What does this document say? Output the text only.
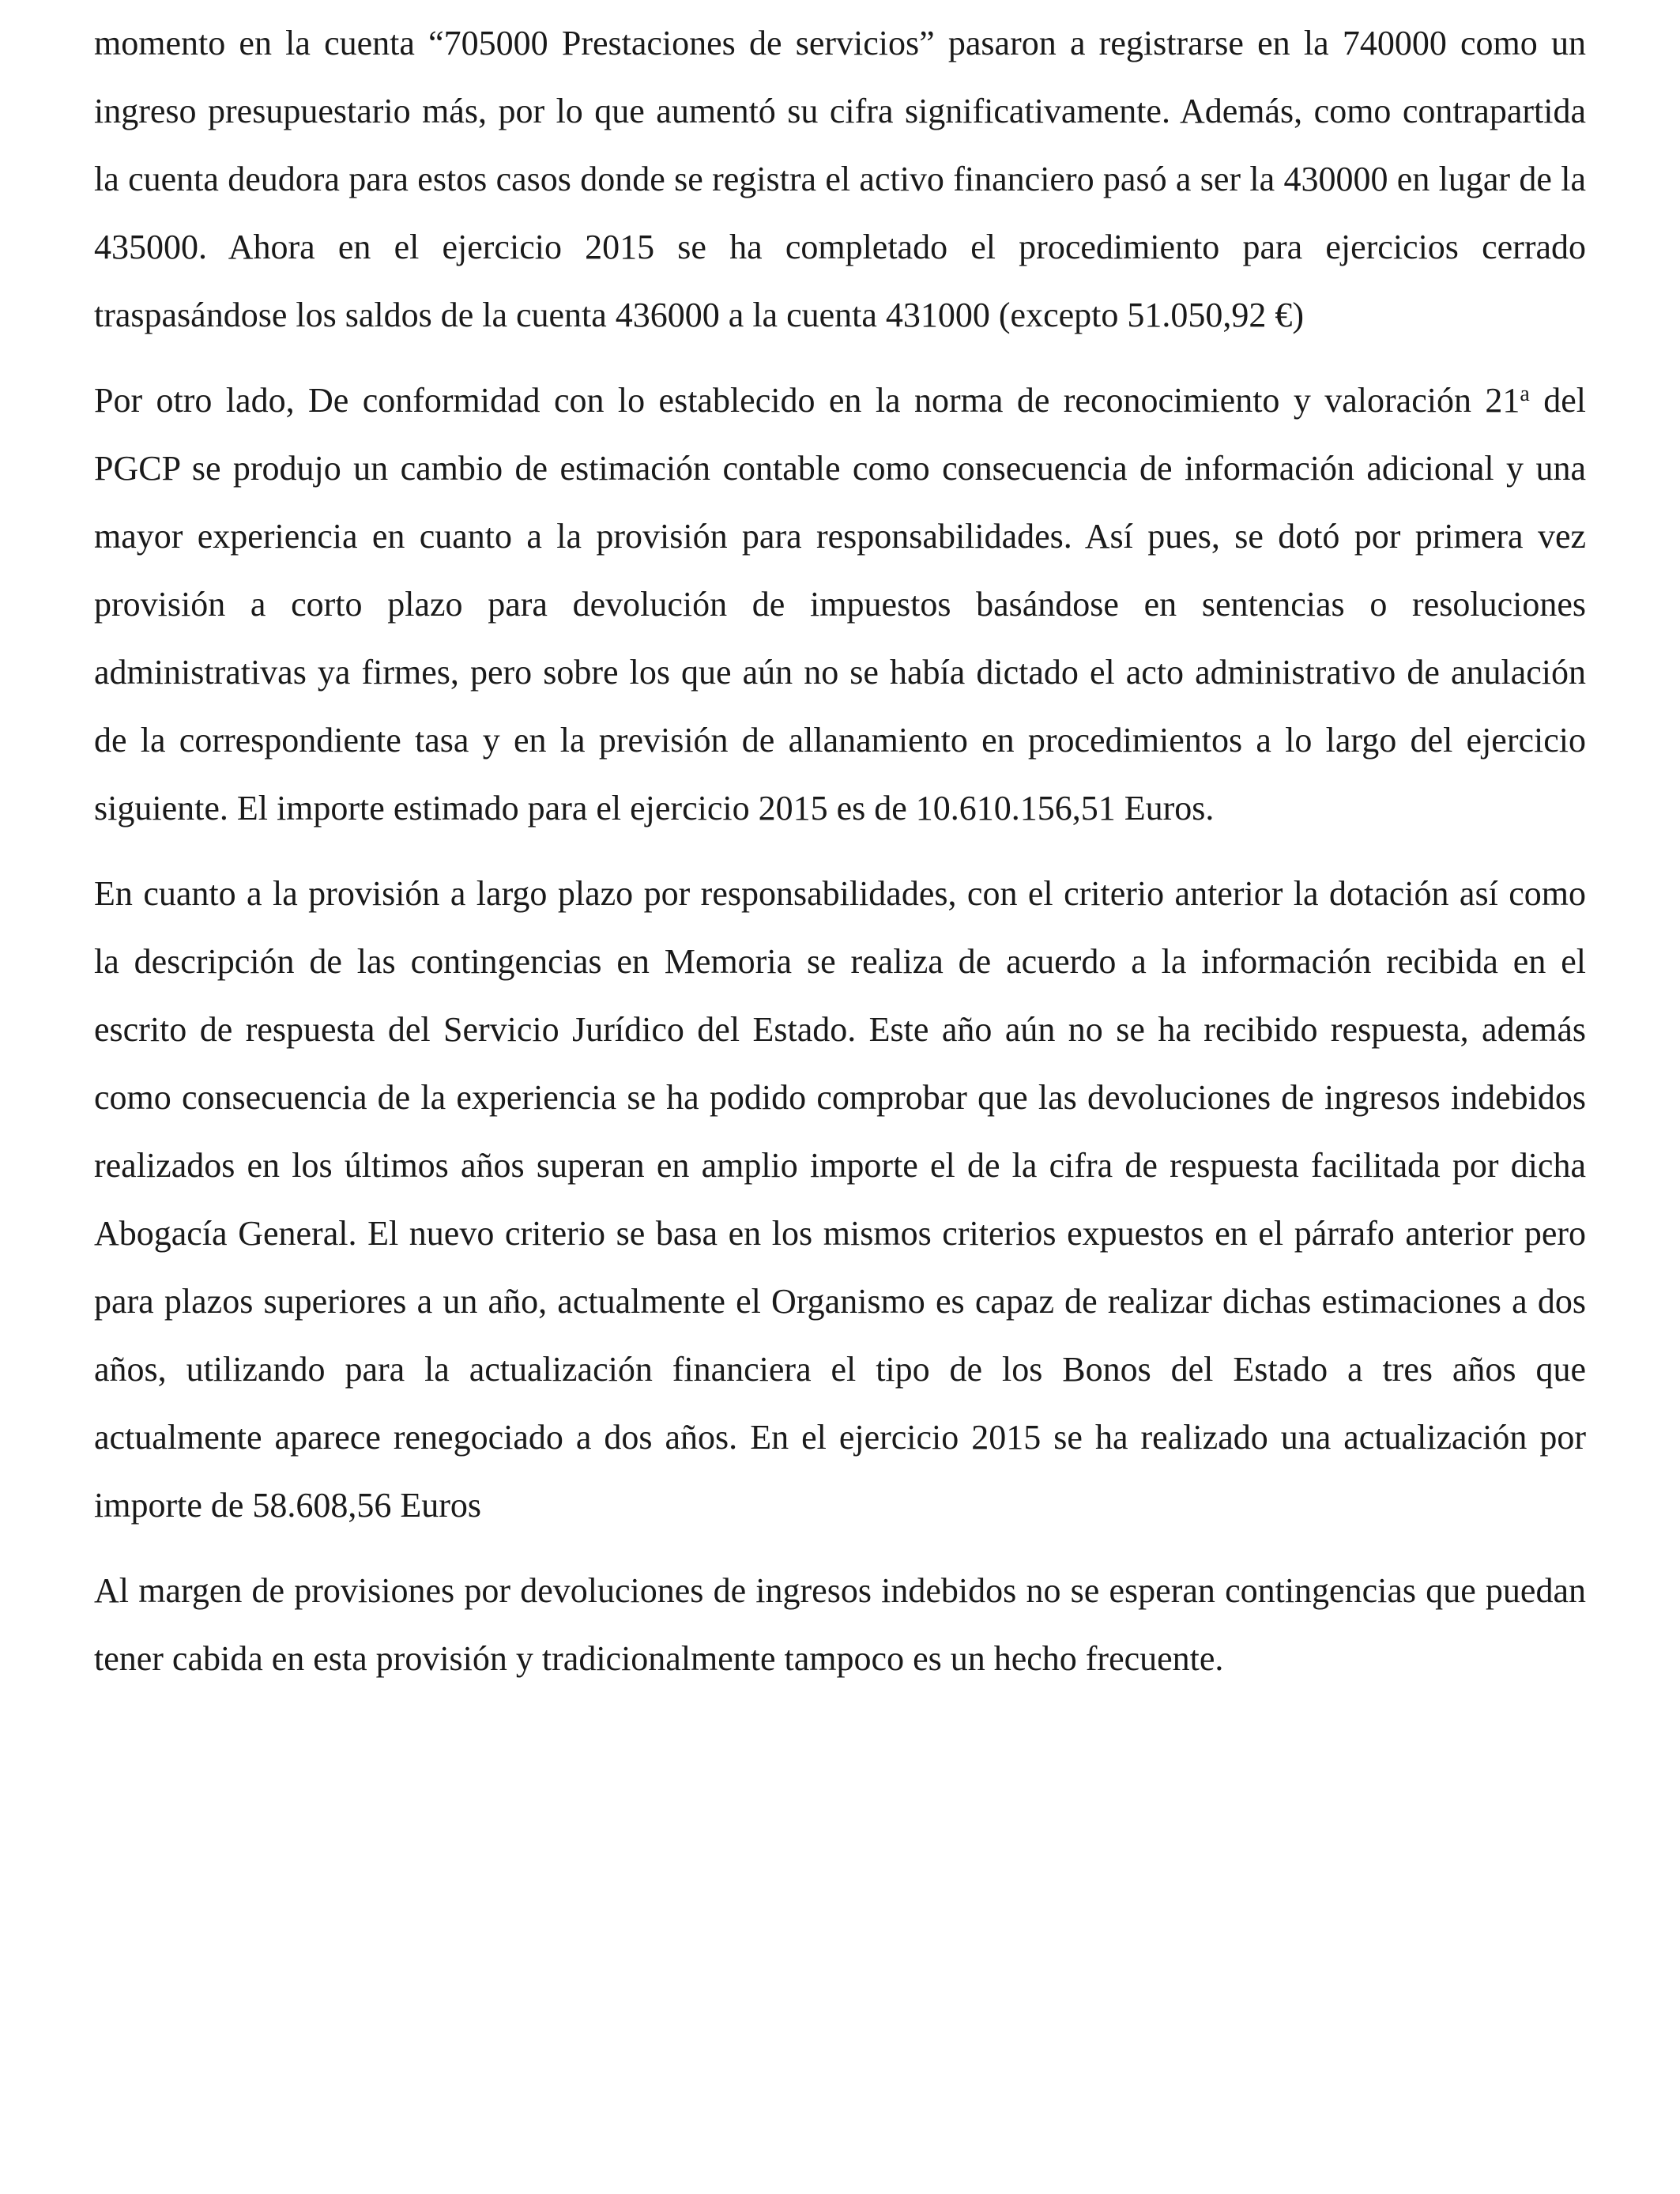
momento en la cuenta “705000 Prestaciones de servicios” pasaron a registrarse en la 740000 como un ingreso presupuestario más, por lo que aumentó su cifra significativamente. Además, como contrapartida la cuenta deudora para estos casos donde se registra el activo financiero pasó a ser la 430000 en lugar de la 435000. Ahora en el ejercicio 2015 se ha completado el procedimiento para ejercicios cerrado traspasándose los saldos de la cuenta 436000 a la cuenta 431000 (excepto 51.050,92 €)

Por otro lado, De conformidad con lo establecido en la norma de reconocimiento y valoración 21$^a$ del PGCP se produjo un cambio de estimación contable como consecuencia de información adicional y una mayor experiencia en cuanto a la provisión para responsabilidades. Así pues, se dotó por primera vez provisión a corto plazo para devolución de impuestos basándose en sentencias o resoluciones administrativas ya firmes, pero sobre los que aún no se había dictado el acto administrativo de anulación de la correspondiente tasa y en la previsión de allanamiento en procedimientos a lo largo del ejercicio siguiente. El importe estimado para el ejercicio 2015 es de 10.610.156,51 Euros.

En cuanto a la provisión a largo plazo por responsabilidades, con el criterio anterior la dotación así como la descripción de las contingencias en Memoria se realiza de acuerdo a la información recibida en el escrito de respuesta del Servicio Jurídico del Estado. Este año aún no se ha recibido respuesta, además como consecuencia de la experiencia se ha podido comprobar que las devoluciones de ingresos indebidos realizados en los últimos años superan en amplio importe el de la cifra de respuesta facilitada por dicha Abogacía General. El nuevo criterio se basa en los mismos criterios expuestos en el párrafo anterior pero para plazos superiores a un año, actualmente el Organismo es capaz de realizar dichas estimaciones a dos años, utilizando para la actualización financiera el tipo de los Bonos del Estado a tres años que actualmente aparece renegociado a dos años. En el ejercicio 2015 se ha realizado una actualización por importe de 58.608,56 Euros

Al margen de provisiones por devoluciones de ingresos indebidos no se esperan contingencias que puedan tener cabida en esta provisión y tradicionalmente tampoco es un hecho frecuente.
